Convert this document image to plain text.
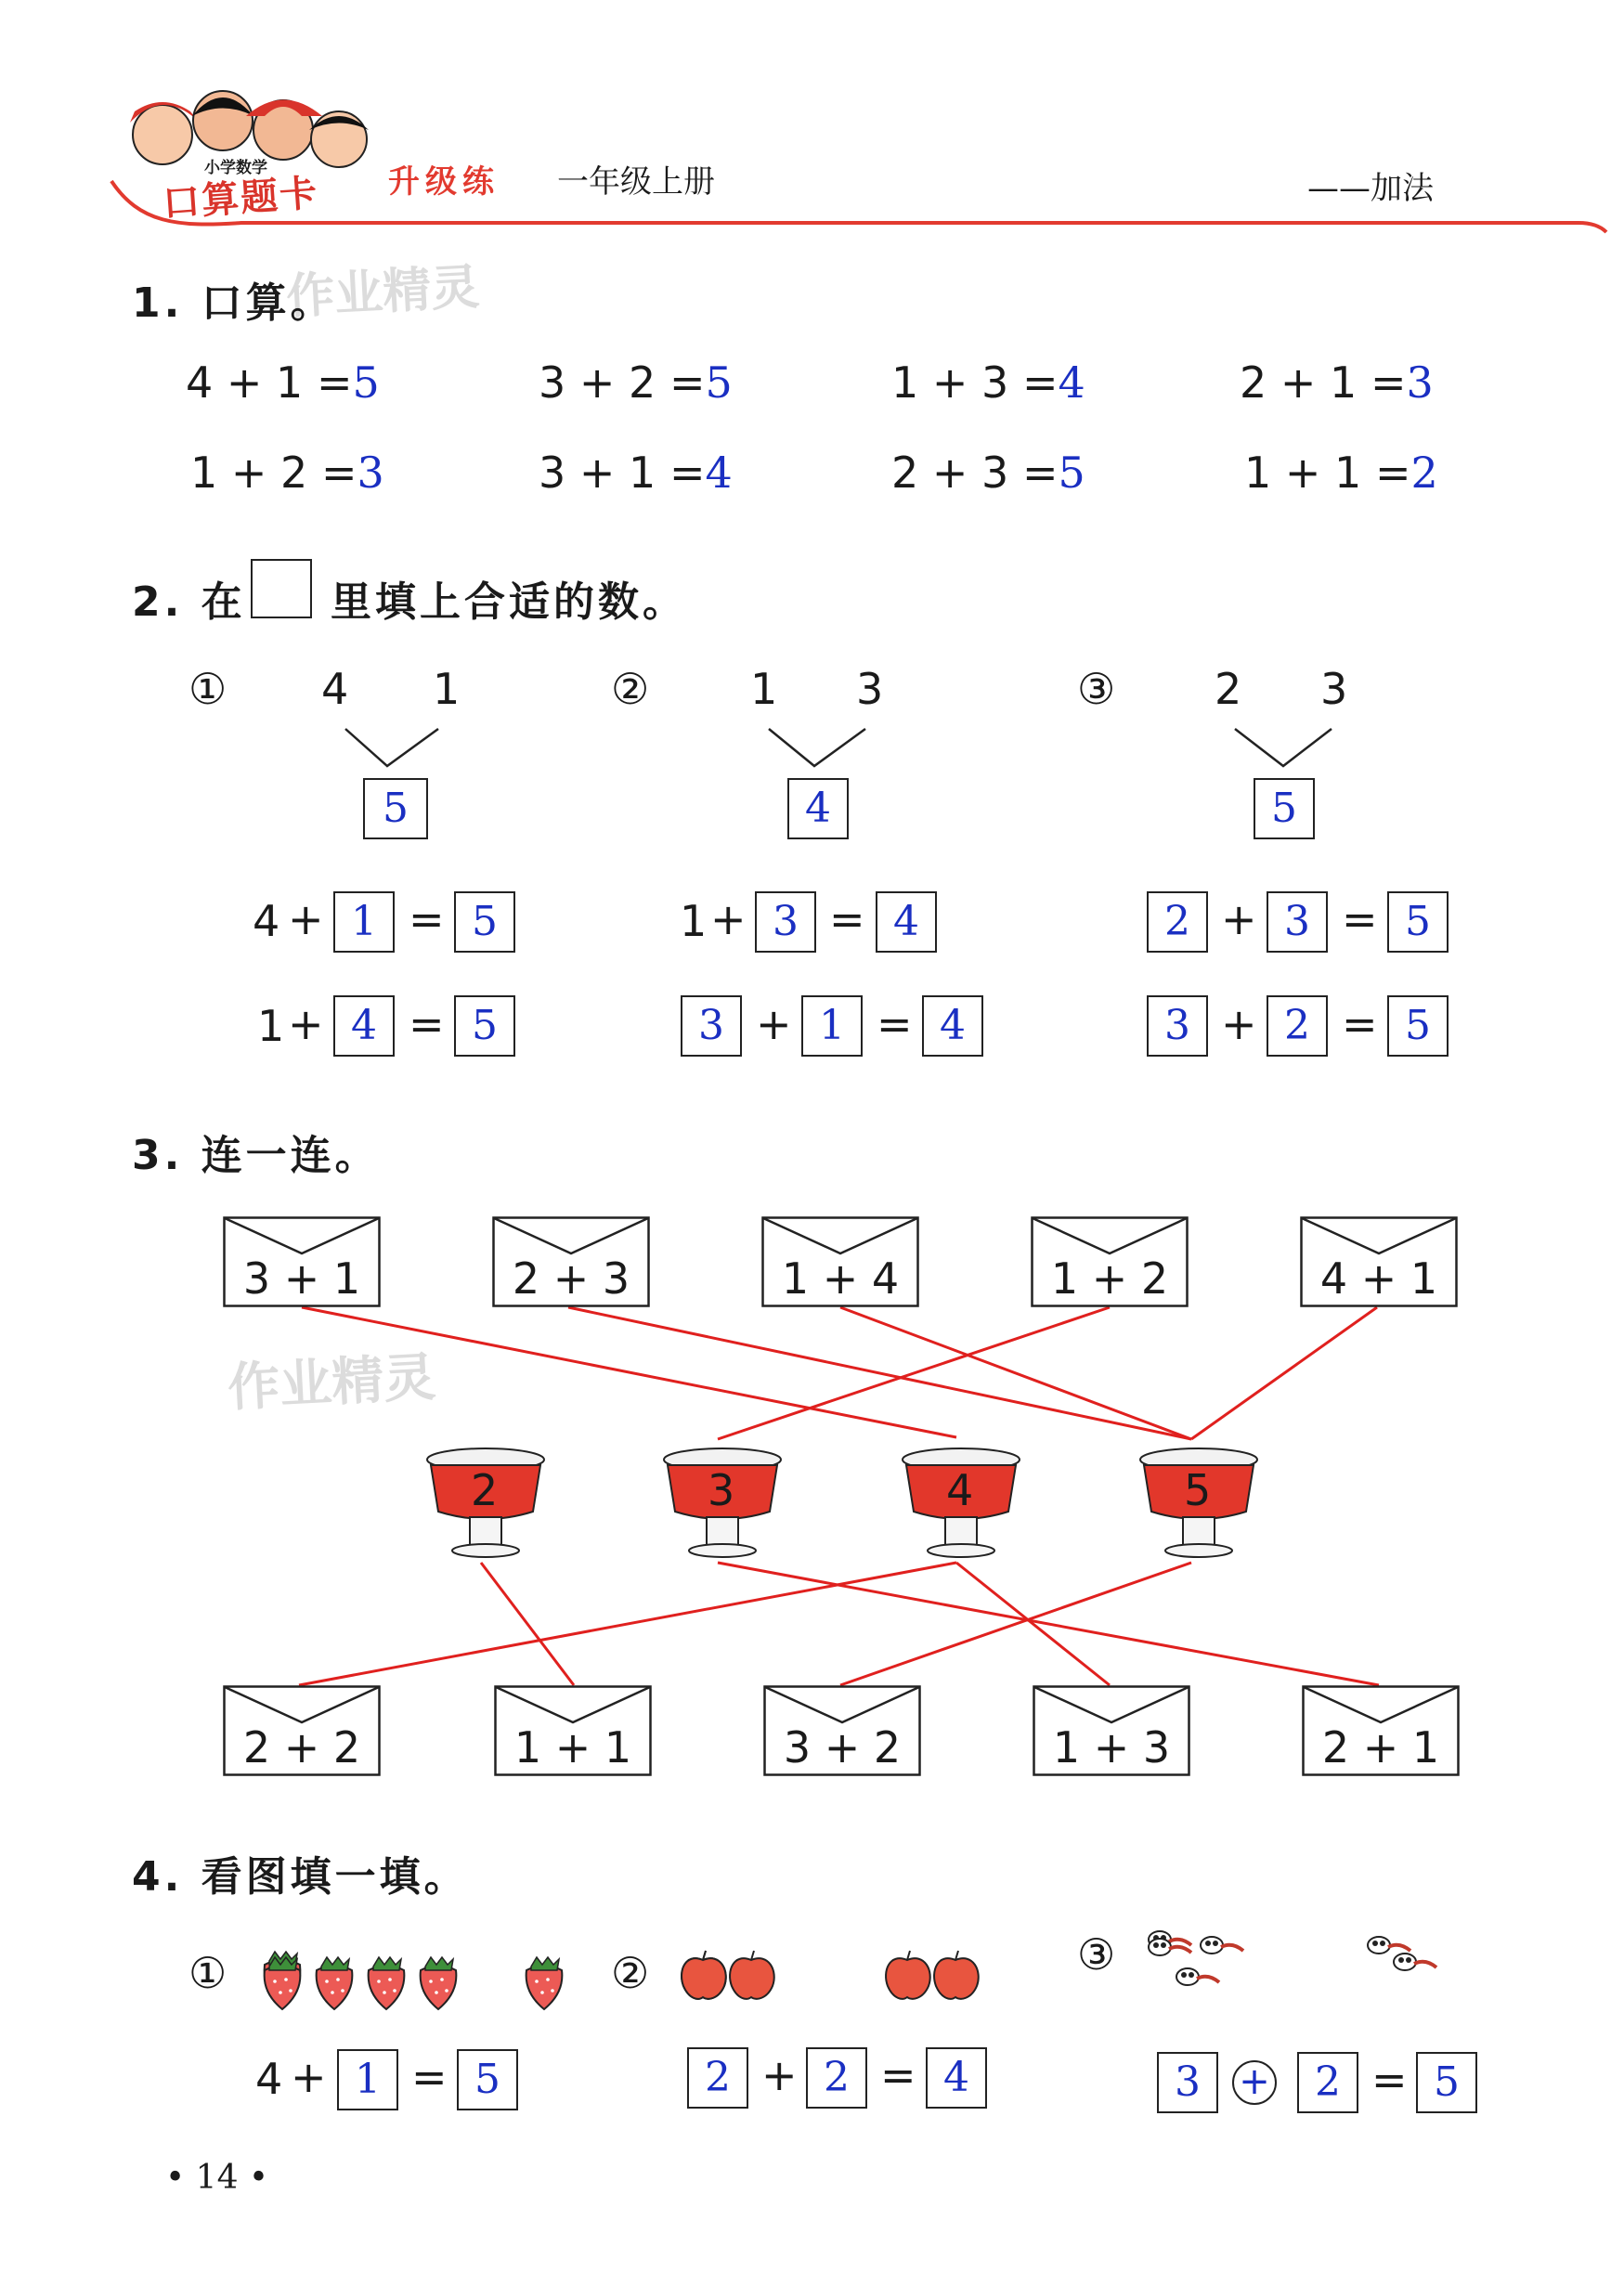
小学数学
口算题卡 升级练 一年级上册	——加法
作业精灵
作业精灵
1. 口算。
4 + 1 =5	3 + 2 =5	1 + 3 =4	2 + 1 =3
1 + 2 =3	3 + 1 =4	2 + 3 =5	1 + 1 =2
2. 在 里填上合适的数。
① 4 1
5
4 + 1 = 5
1 + 4 = 5
② 1 3
4
1 + 3 = 4
3 + 1 = 4
③ 2 3
5
2 + 3 = 5
3 + 2 = 5
3. 连一连。
2	3	4	5
3 + 1	2 + 3	1 + 4	1 + 2	4 + 1
2 + 2	1 + 1	3 + 2	1 + 3	2 + 1
4. 看图填一填。
①	②	③
4 + 1 = 5	2 + 2 = 4	3	+	2 = 5
• 14 •
